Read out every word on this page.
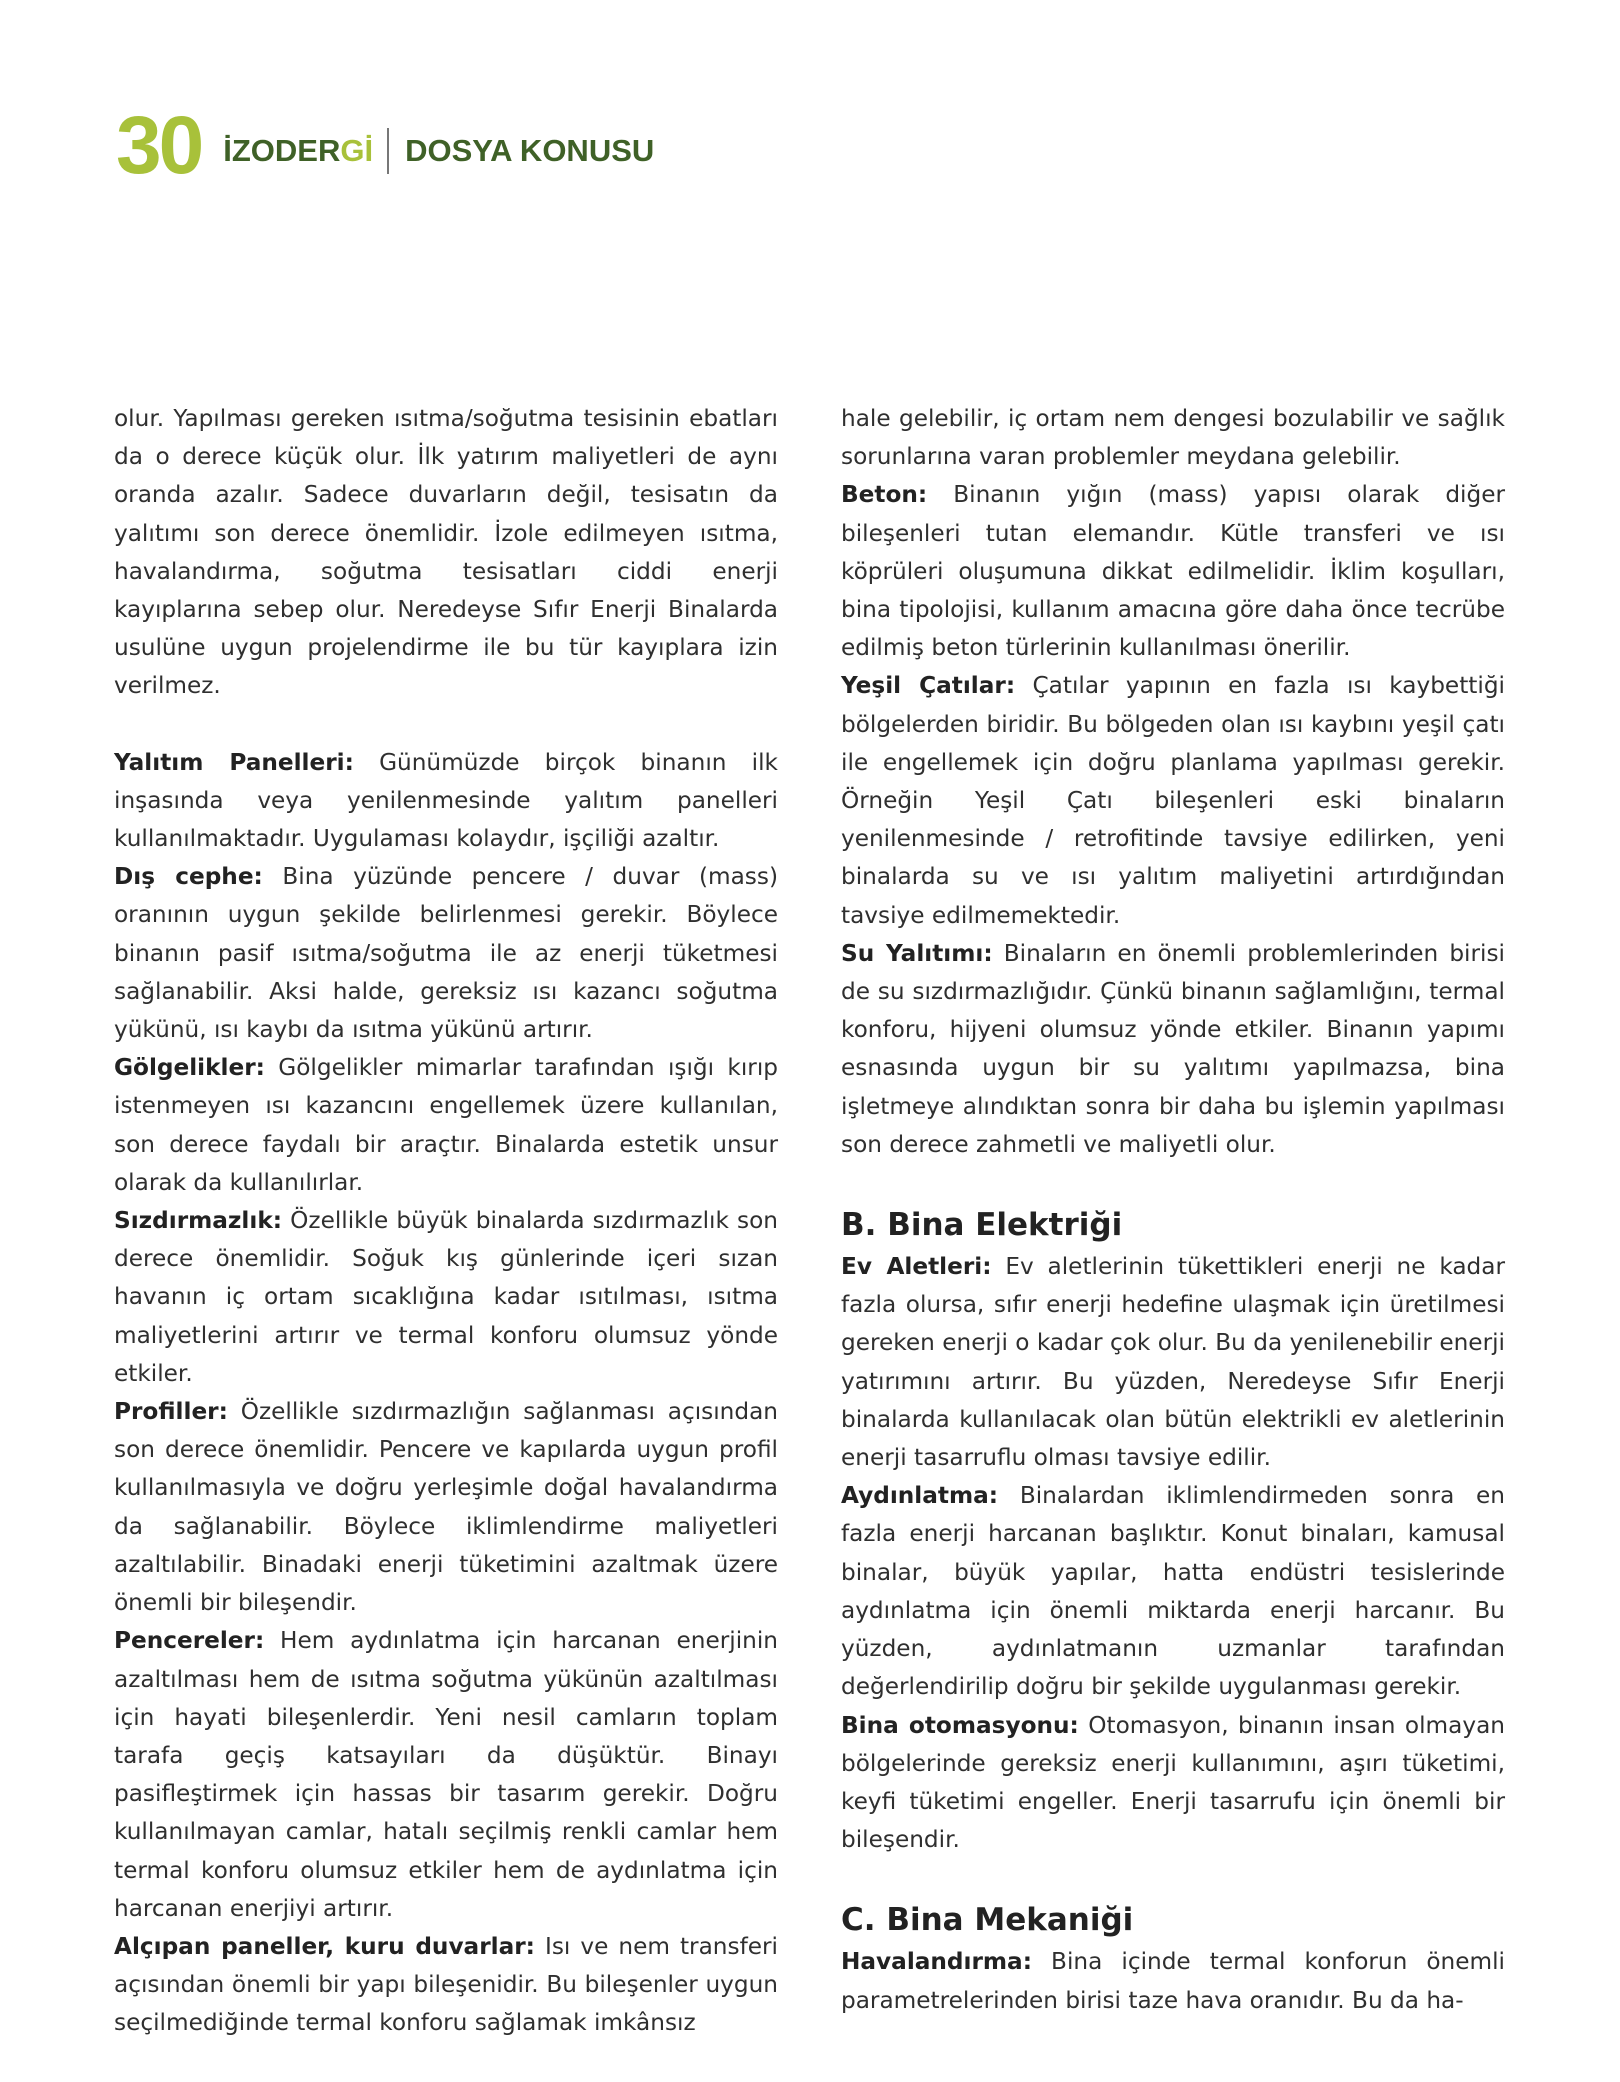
30 İZODERGİ DOSYA KONUSU

olur. Yapılması gereken ısıtma/soğutma tesisinin ebatları da o derece küçük olur. İlk yatırım maliyetleri de aynı oranda azalır. Sadece duvarların değil, tesisatın da yalıtımı son derece önemlidir. İzole edilmeyen ısıtma, havalandırma, soğutma tesisatları ciddi enerji kayıplarına sebep olur. Neredeyse Sıfır Enerji Binalarda usulüne uygun projelendirme ile bu tür kayıplara izin verilmez.

Yalıtım Panelleri: Günümüzde birçok binanın ilk inşasında veya yenilenmesinde yalıtım panelleri kullanılmaktadır. Uygulaması kolaydır, işçiliği azaltır.

Dış cephe: Bina yüzünde pencere / duvar (mass) oranının uygun şekilde belirlenmesi gerekir. Böylece binanın pasif ısıtma/soğutma ile az enerji tüketmesi sağlanabilir. Aksi halde, gereksiz ısı kazancı soğutma yükünü, ısı kaybı da ısıtma yükünü artırır.

Gölgelikler: Gölgelikler mimarlar tarafından ışığı kırıp istenmeyen ısı kazancını engellemek üzere kullanılan, son derece faydalı bir araçtır. Binalarda estetik unsur olarak da kullanılırlar.

Sızdırmazlık: Özellikle büyük binalarda sızdırmazlık son derece önemlidir. Soğuk kış günlerinde içeri sızan havanın iç ortam sıcaklığına kadar ısıtılması, ısıtma maliyetlerini artırır ve termal konforu olumsuz yönde etkiler.

Profiller: Özellikle sızdırmazlığın sağlanması açısından son derece önemlidir. Pencere ve kapılarda uygun profil kullanılmasıyla ve doğru yerleşimle doğal havalandırma da sağlanabilir. Böylece iklimlendirme maliyetleri azaltılabilir. Binadaki enerji tüketimini azaltmak üzere önemli bir bileşendir.

Pencereler: Hem aydınlatma için harcanan enerjinin azaltılması hem de ısıtma soğutma yükünün azaltılması için hayati bileşenlerdir. Yeni nesil camların toplam tarafa geçiş katsayıları da düşüktür. Binayı pasifleştirmek için hassas bir tasarım gerekir. Doğru kullanılmayan camlar, hatalı seçilmiş renkli camlar hem termal konforu olumsuz etkiler hem de aydınlatma için harcanan enerjiyi artırır.

Alçıpan paneller, kuru duvarlar: Isı ve nem transferi açısından önemli bir yapı bileşenidir. Bu bileşenler uygun seçilmediğinde termal konforu sağlamak imkânsız

hale gelebilir, iç ortam nem dengesi bozulabilir ve sağlık sorunlarına varan problemler meydana gelebilir.

Beton: Binanın yığın (mass) yapısı olarak diğer bileşenleri tutan elemandır. Kütle transferi ve ısı köprüleri oluşumuna dikkat edilmelidir. İklim koşulları, bina tipolojisi, kullanım amacına göre daha önce tecrübe edilmiş beton türlerinin kullanılması önerilir.

Yeşil Çatılar: Çatılar yapının en fazla ısı kaybettiği bölgelerden biridir. Bu bölgeden olan ısı kaybını yeşil çatı ile engellemek için doğru planlama yapılması gerekir. Örneğin Yeşil Çatı bileşenleri eski binaların yenilenmesinde / retrofitinde tavsiye edilirken, yeni binalarda su ve ısı yalıtım maliyetini artırdığından tavsiye edilmemektedir.

Su Yalıtımı: Binaların en önemli problemlerinden birisi de su sızdırmazlığıdır. Çünkü binanın sağlamlığını, termal konforu, hijyeni olumsuz yönde etkiler. Binanın yapımı esnasında uygun bir su yalıtımı yapılmazsa, bina işletmeye alındıktan sonra bir daha bu işlemin yapılması son derece zahmetli ve maliyetli olur.

B. Bina Elektriği

Ev Aletleri: Ev aletlerinin tükettikleri enerji ne kadar fazla olursa, sıfır enerji hedefine ulaşmak için üretilmesi gereken enerji o kadar çok olur. Bu da yenilenebilir enerji yatırımını artırır. Bu yüzden, Neredeyse Sıfır Enerji binalarda kullanılacak olan bütün elektrikli ev aletlerinin enerji tasarruflu olması tavsiye edilir.

Aydınlatma: Binalardan iklimlendirmeden sonra en fazla enerji harcanan başlıktır. Konut binaları, kamusal binalar, büyük yapılar, hatta endüstri tesislerinde aydınlatma için önemli miktarda enerji harcanır. Bu yüzden, aydınlatmanın uzmanlar tarafından değerlendirilip doğru bir şekilde uygulanması gerekir.

Bina otomasyonu: Otomasyon, binanın insan olmayan bölgelerinde gereksiz enerji kullanımını, aşırı tüketimi, keyfi tüketimi engeller. Enerji tasarrufu için önemli bir bileşendir.

C. Bina Mekaniği

Havalandırma: Bina içinde termal konforun önemli parametrelerinden birisi taze hava oranıdır. Bu da ha-
